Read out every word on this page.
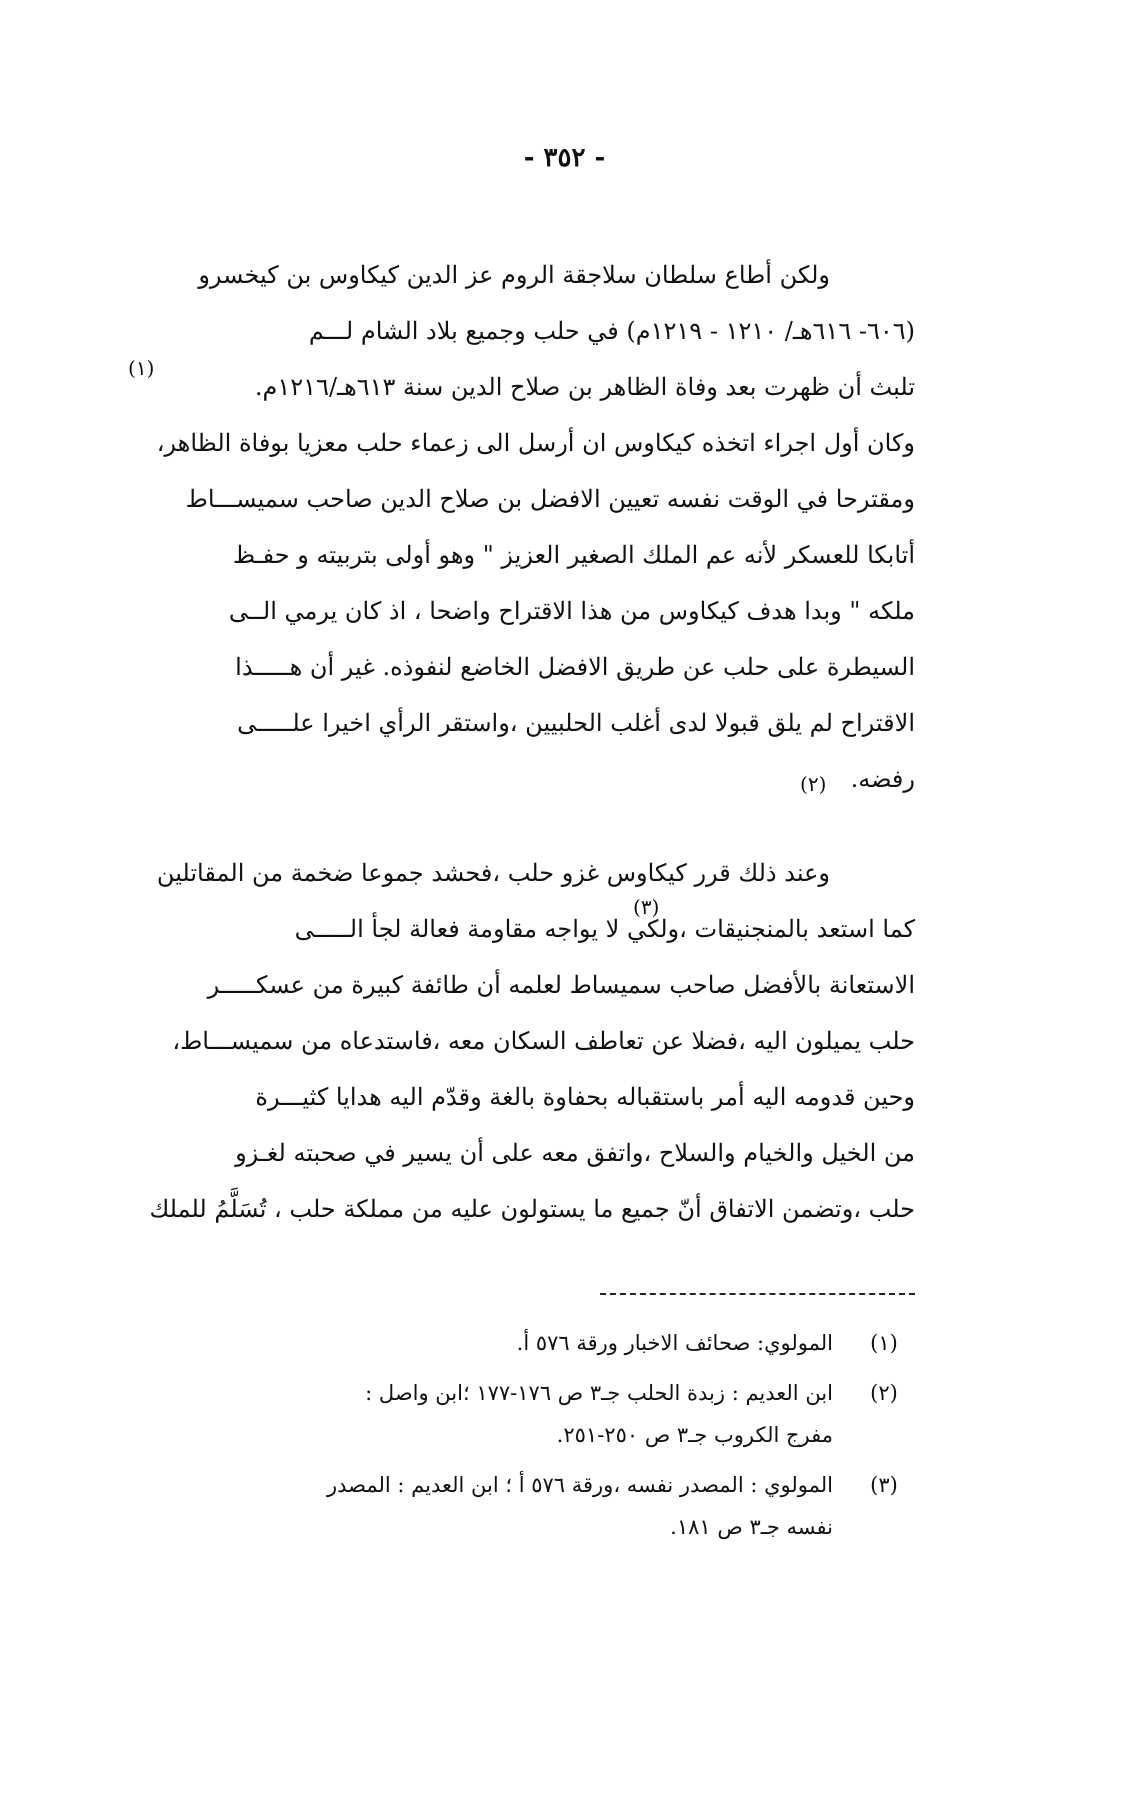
- ٣٥٢ -
ولكن أطاع سلطان سلاجقة الروم عز الدين كيكاوس بن كيخسرو
(٦٠٦- ٦١٦هـ/ ١٢١٠ - ١٢١٩م) في حلب وجميع بلاد الشام لـــم
تلبث أن ظهرت بعد وفاة الظاهر بن صلاح الدين سنة ٦١٣هـ/١٢١٦م.
وكان أول اجراء اتخذه كيكاوس ان أرسل الى زعماء حلب معزيا بوفاة الظاهر،
ومقترحا في الوقت نفسه تعيين الافضل بن صلاح الدين صاحب سميســـاط
أتابكا للعسكر لأنه عم الملك الصغير العزيز " وهو أولى بتربيته و حفـظ
ملكه " وبدا هدف كيكاوس من هذا الاقتراح واضحا ، اذ كان يرمي الــى
السيطرة على حلب عن طريق الافضل الخاضع لنفوذه. غير أن هـــــذا
الاقتراح لم يلق قبولا لدى أغلب الحلبيين ،واستقر الرأي اخيرا علـــــى
رفضه.
(١)
(٢)
(٣)
وعند ذلك قرر كيكاوس غزو حلب ،فحشد جموعا ضخمة من المقاتلين
كما استعد بالمنجنيقات ،ولكي لا يواجه مقاومة فعالة لجأ الـــــى
الاستعانة بالأفضل صاحب سميساط لعلمه أن طائفة كبيرة من عسكـــــر
حلب يميلون اليه ،فضلا عن تعاطف السكان معه ،فاستدعاه من سميســـاط،
وحين قدومه اليه أمر باستقباله بحفاوة بالغة وقدّم اليه هدايا كثيـــرة
من الخيل والخيام والسلاح ،واتفق معه على أن يسير في صحبته لغـزو
حلب ،وتضمن الاتفاق أنّ جميع ما يستولون عليه من مملكة حلب ، تُسَلَّمُ للملك
(١)
المولوي: صحائف الاخبار ورقة ٥٧٦ أ.
(٢)
ابن العديم : زبدة الحلب جـ٣ ص ١٧٦-١٧٧ ؛ابن واصل :
مفرج الكروب جـ٣ ص ٢٥٠-٢٥١.
(٣)
المولوي : المصدر نفسه ،ورقة ٥٧٦ أ ؛ ابن العديم : المصدر
نفسه جـ٣ ص ١٨١.
